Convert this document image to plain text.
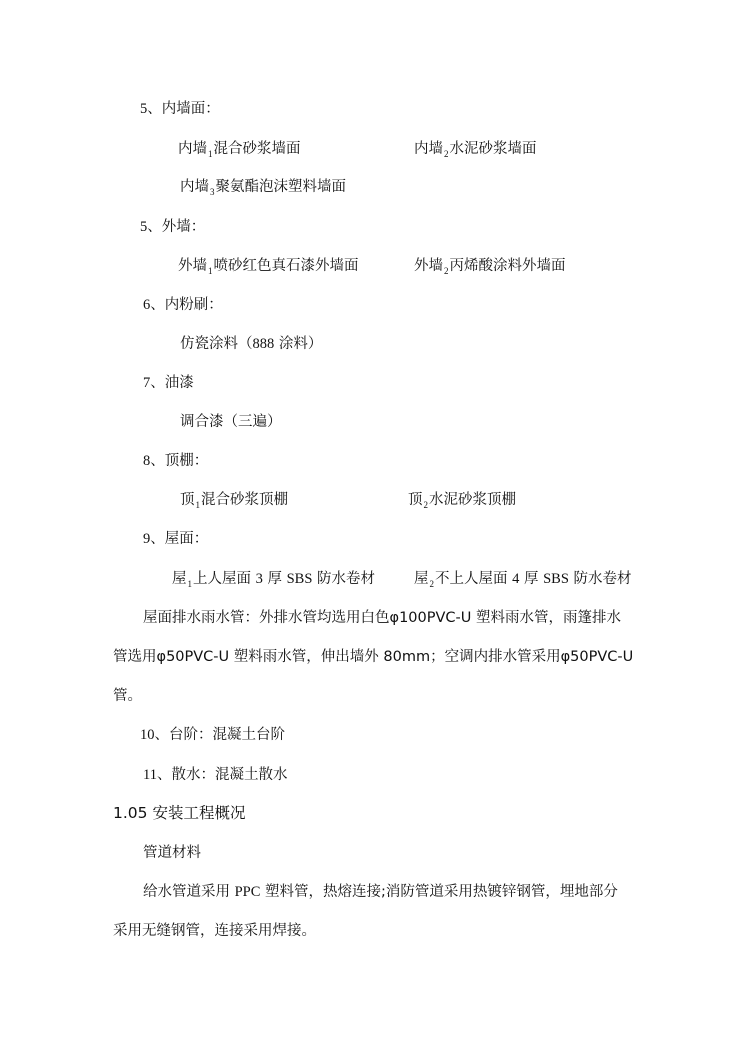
5、内墙面：
内墙$_1$混合砂浆墙面	内墙$_2$水泥砂浆墙面
内墙$_3$聚氨酯泡沫塑料墙面
5、外墙：
外墙$_1$喷砂红色真石漆外墙面	外墙$_2$丙烯酸涂料外墙面
6、内粉刷：
仿瓷涂料（888 涂料）
7、油漆
调合漆（三遍）
8、顶棚：
顶$_1$混合砂浆顶棚	顶$_2$水泥砂浆顶棚
9、屋面：
屋$_1$上人屋面 3 厚 SBS 防水卷材	屋$_2$不上人屋面 4 厚 SBS 防水卷材
屋面排水雨水管：外排水管均选用白色φ100PVC-U 塑料雨水管，雨篷排水
管选用φ50PVC-U 塑料雨水管，伸出墙外 80mm；空调内排水管采用φ50PVC-U
管。
10、台阶：混凝土台阶
11、散水：混凝土散水
1.05 安装工程概况
管道材料
给水管道采用 PPC 塑料管，热熔连接;消防管道采用热镀锌钢管，埋地部分
采用无缝钢管，连接采用焊接。
